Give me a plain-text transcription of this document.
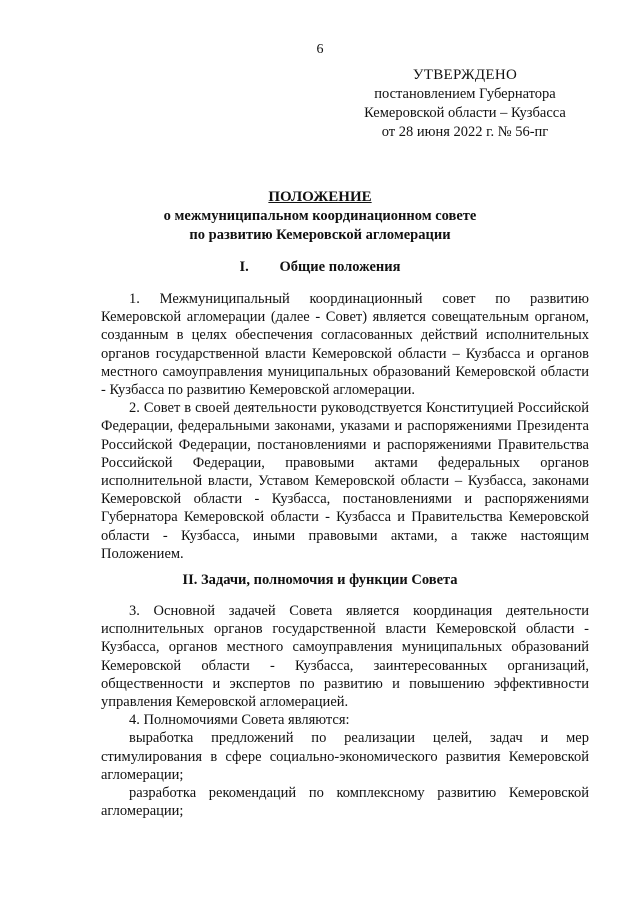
6
УТВЕРЖДЕНО
постановлением Губернатора
Кемеровской области – Кузбасса
от 28 июня 2022 г. № 56-пг
ПОЛОЖЕНИЕ
о межмуниципальном координационном совете
по развитию Кемеровской агломерации
I. Общие положения

1. Межмуниципальный координационный совет по развитию Кемеровской агломерации (далее - Совет) является совещательным органом, созданным в целях обеспечения согласованных действий исполнительных органов государственной власти Кемеровской области – Кузбасса и органов местного самоуправления муниципальных образований Кемеровской области - Кузбасса по развитию Кемеровской агломерации.

2. Совет в своей деятельности руководствуется Конституцией Российской Федерации, федеральными законами, указами и распоряжениями Президента Российской Федерации, постановлениями и распоряжениями Правительства Российской Федерации, правовыми актами федеральных органов исполнительной власти, Уставом Кемеровской области – Кузбасса, законами Кемеровской области - Кузбасса, постановлениями и распоряжениями Губернатора Кемеровской области - Кузбасса и Правительства Кемеровской области - Кузбасса, иными правовыми актами, а также настоящим Положением.

II. Задачи, полномочия и функции Совета

3. Основной задачей Совета является координация деятельности исполнительных органов государственной власти Кемеровской области - Кузбасса, органов местного самоуправления муниципальных образований Кемеровской области - Кузбасса, заинтересованных организаций, общественности и экспертов по развитию и повышению эффективности управления Кемеровской агломерацией.

4. Полномочиями Совета являются:

выработка предложений по реализации целей, задач и мер стимулирования в сфере социально-экономического развития Кемеровской агломерации;

разработка рекомендаций по комплексному развитию Кемеровской агломерации;
